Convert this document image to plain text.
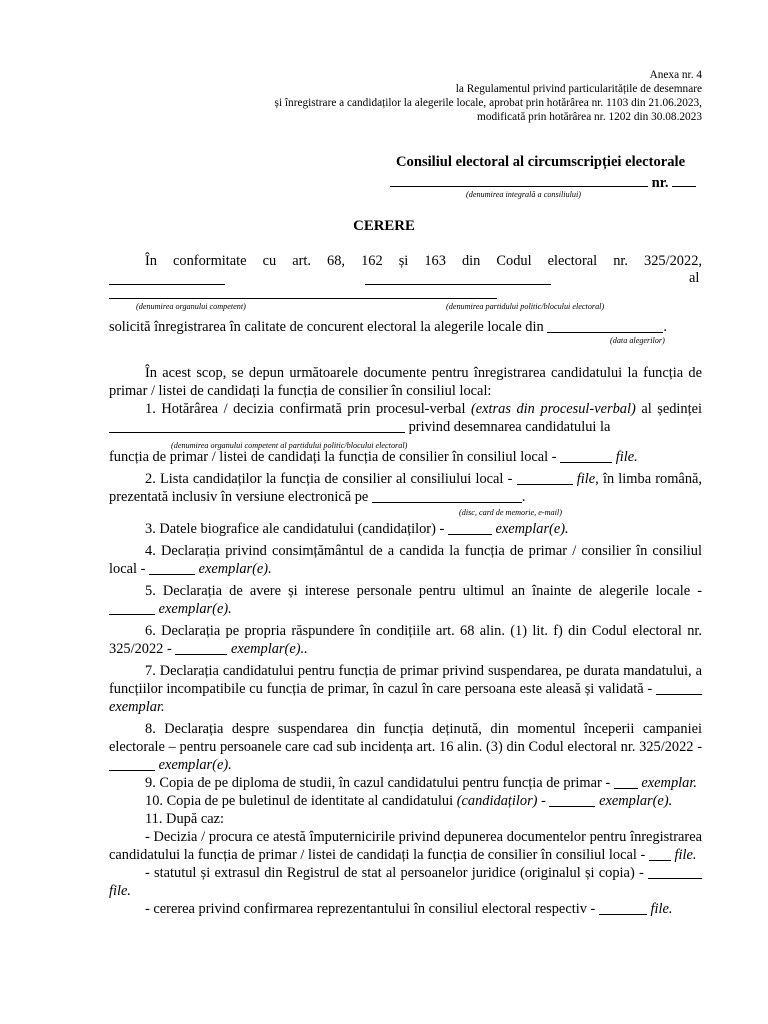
Anexa nr. 4
la Regulamentul privind particularitățile de desemnare
și înregistrare a candidaților la alegerile locale, aprobat prin hotărârea nr. 1103 din 21.06.2023,
modificată prin hotărârea nr. 1202 din 30.08.2023
Consiliul electoral al circumscripției electorale
nr.
(denumirea integrală a consiliului)
CERERE

În conformitate cu art. 68, 162 și 163 din Codul electoral nr. 325/2022,

al
(denumirea organului competent)	(denumirea partidului politic/blocului electoral)
solicită înregistrarea în calitate de concurent electoral la alegerile locale din	.
(data alegerilor)

În acest scop, se depun următoarele documente pentru înregistrarea candidatului la funcția de primar / listei de candidați la funcția de consilier în consiliul local:

1. Hotărârea / decizia confirmată prin procesul-verbal (extras din procesul-verbal) al ședinței  privind desemnarea candidatului la

(denumirea organului competent al partidului politic/blocului electoral)

funcția de primar / listei de candidați la funcția de consilier în consiliul local -	file.

2. Lista candidaților la funcția de consilier al consiliului local -	file, în limba română, prezentată inclusiv în versiune electronică pe	.

(disc, card de memorie, e-mail)

3. Datele biografice ale candidatului (candidaților) -	exemplar(e).

4. Declarația privind consimțământul de a candida la funcția de primar / consilier în consiliul local -	exemplar(e).

5. Declarația de avere și interese personale pentru ultimul an înainte de alegerile locale -  exemplar(e).

6. Declarația pe propria răspundere în condițiile art. 68 alin. (1) lit. f) din Codul electoral nr. 325/2022 -	exemplar(e)..

7. Declarația candidatului pentru funcția de primar privind suspendarea, pe durata mandatului, a funcțiilor incompatibile cu funcția de primar, în cazul în care persoana este aleasă și validată -  exemplar.

8. Declarația despre suspendarea din funcția deținută, din momentul începerii campaniei electorale – pentru persoanele care cad sub incidența art. 16 alin. (3) din Codul electoral nr. 325/2022 -  exemplar(e).

9. Copia de pe diploma de studii, în cazul candidatului pentru funcția de primar - exemplar.

10. Copia de pe buletinul de identitate al candidatului (candidaților) -	exemplar(e).

11. După caz:

- Decizia / procura ce atestă împuternicirile privind depunerea documentelor pentru înregistrarea candidatului la funcția de primar / listei de candidați la funcția de consilier în consiliul local - file.

- statutul și extrasul din Registrul de stat al persoanelor juridice (originalul și copia) -  file.

- cererea privind confirmarea reprezentantului în consiliul electoral respectiv -	file.
